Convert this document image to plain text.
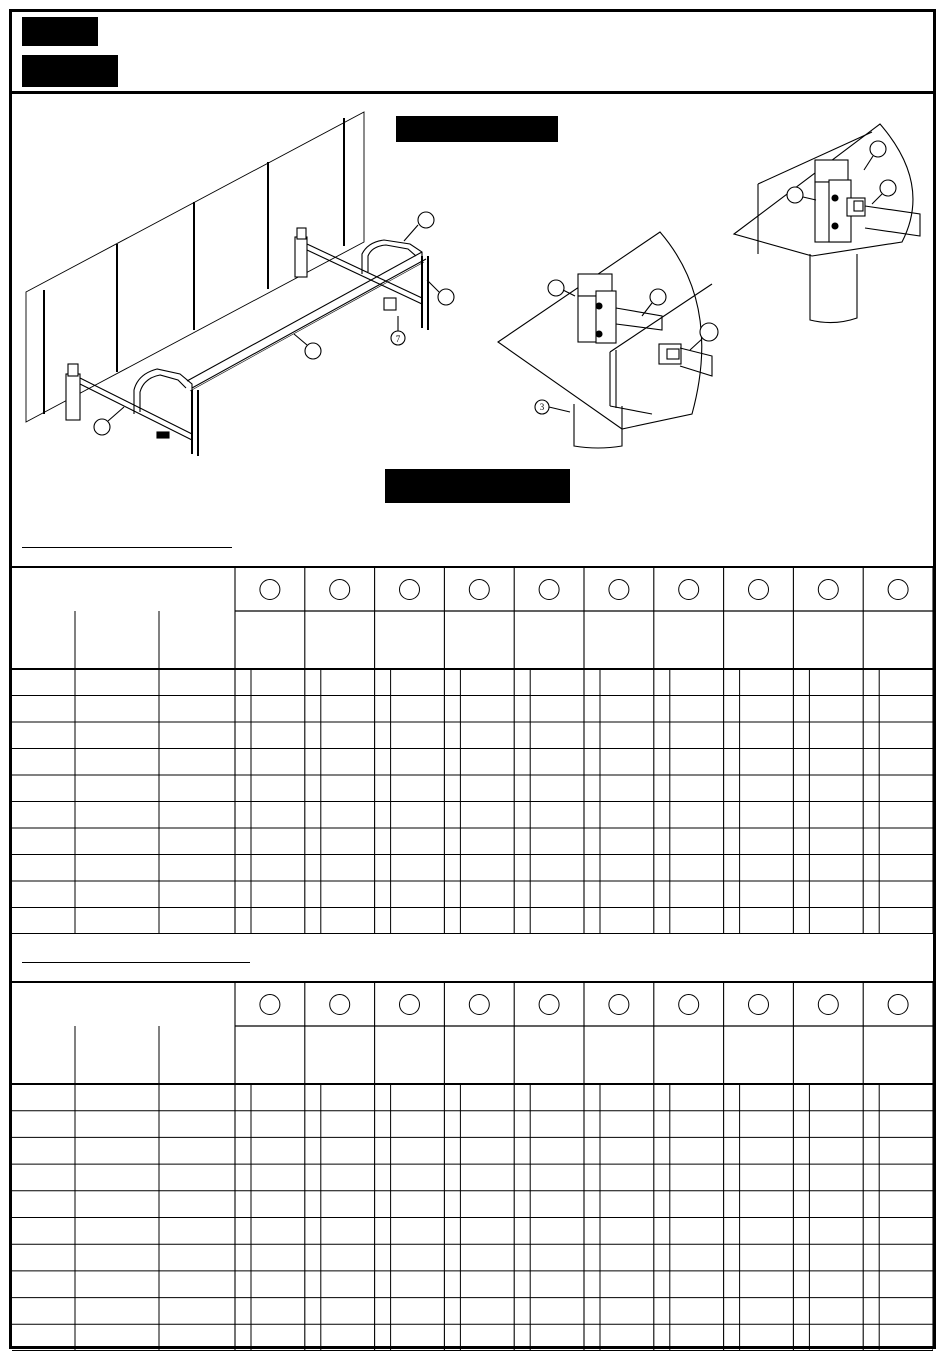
7
3
